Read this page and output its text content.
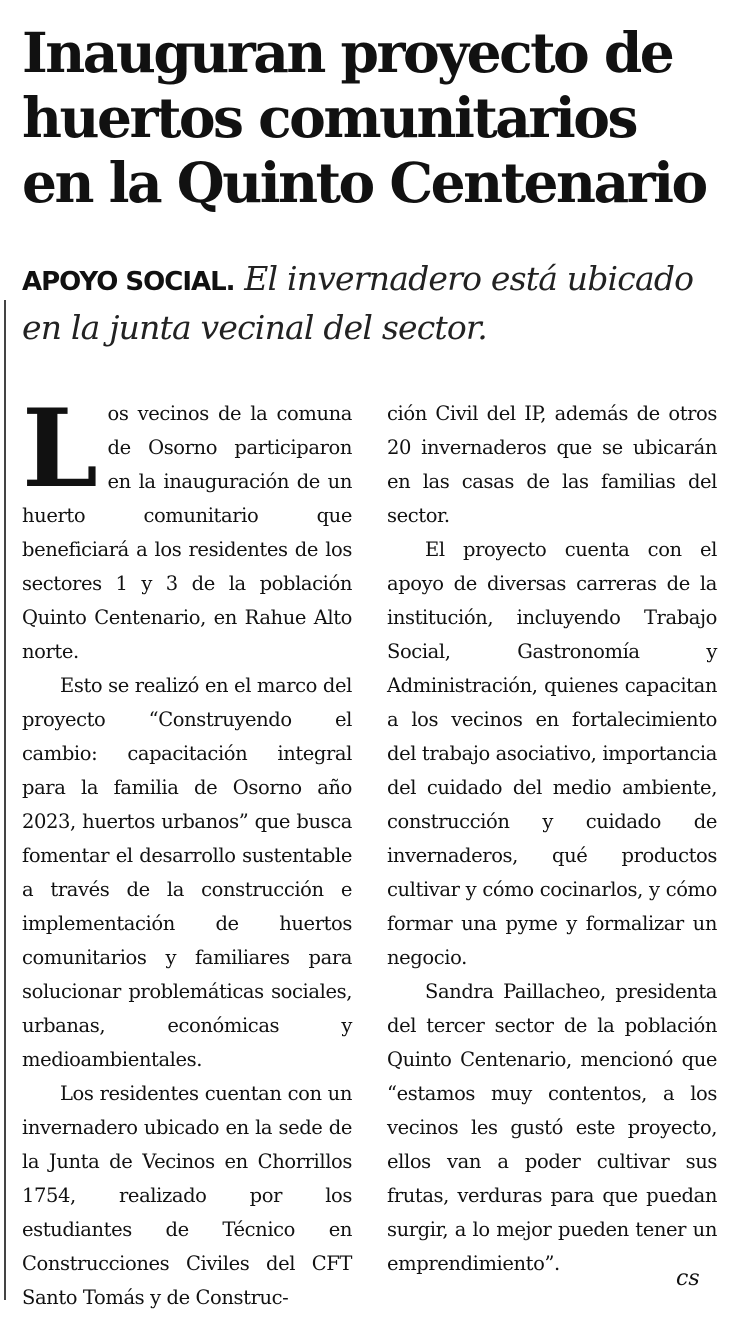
Inauguran proyecto de huertos comunitarios en la Quinto Centenario

APOYO SOCIAL. El invernadero está ubicado en la junta vecinal del sector.

Los vecinos de la comuna de Osorno participaron en la inauguración de un huerto comunitario que beneficiará a los residentes de los sectores 1 y 3 de la población Quinto Centenario, en Rahue Alto norte.

Esto se realizó en el marco del proyecto “Construyendo el cambio: capacitación integral para la familia de Osorno año 2023, huertos urbanos” que busca fomentar el desarrollo sustentable a través de la construcción e implementación de huertos comunitarios y familiares para solucionar problemáticas sociales, urbanas, económicas y medioambientales.

Los residentes cuentan con un invernadero ubicado en la sede de la Junta de Vecinos en Chorrillos 1754, realizado por los estudiantes de Técnico en Construcciones Civiles del CFT Santo Tomás y de Construc-

ción Civil del IP, además de otros 20 invernaderos que se ubicarán en las casas de las familias del sector.

El proyecto cuenta con el apoyo de diversas carreras de la institución, incluyendo Trabajo Social, Gastronomía y Administración, quienes capacitan a los vecinos en fortalecimiento del trabajo asociativo, importancia del cuidado del medio ambiente, construcción y cuidado de invernaderos, qué productos cultivar y cómo cocinarlos, y cómo formar una pyme y formalizar un negocio.

Sandra Paillacheo, presidenta del tercer sector de la población Quinto Centenario, mencionó que “estamos muy contentos, a los vecinos les gustó este proyecto, ellos van a poder cultivar sus frutas, verduras para que puedan surgir, a lo mejor pueden tener un emprendimiento”.

cs
